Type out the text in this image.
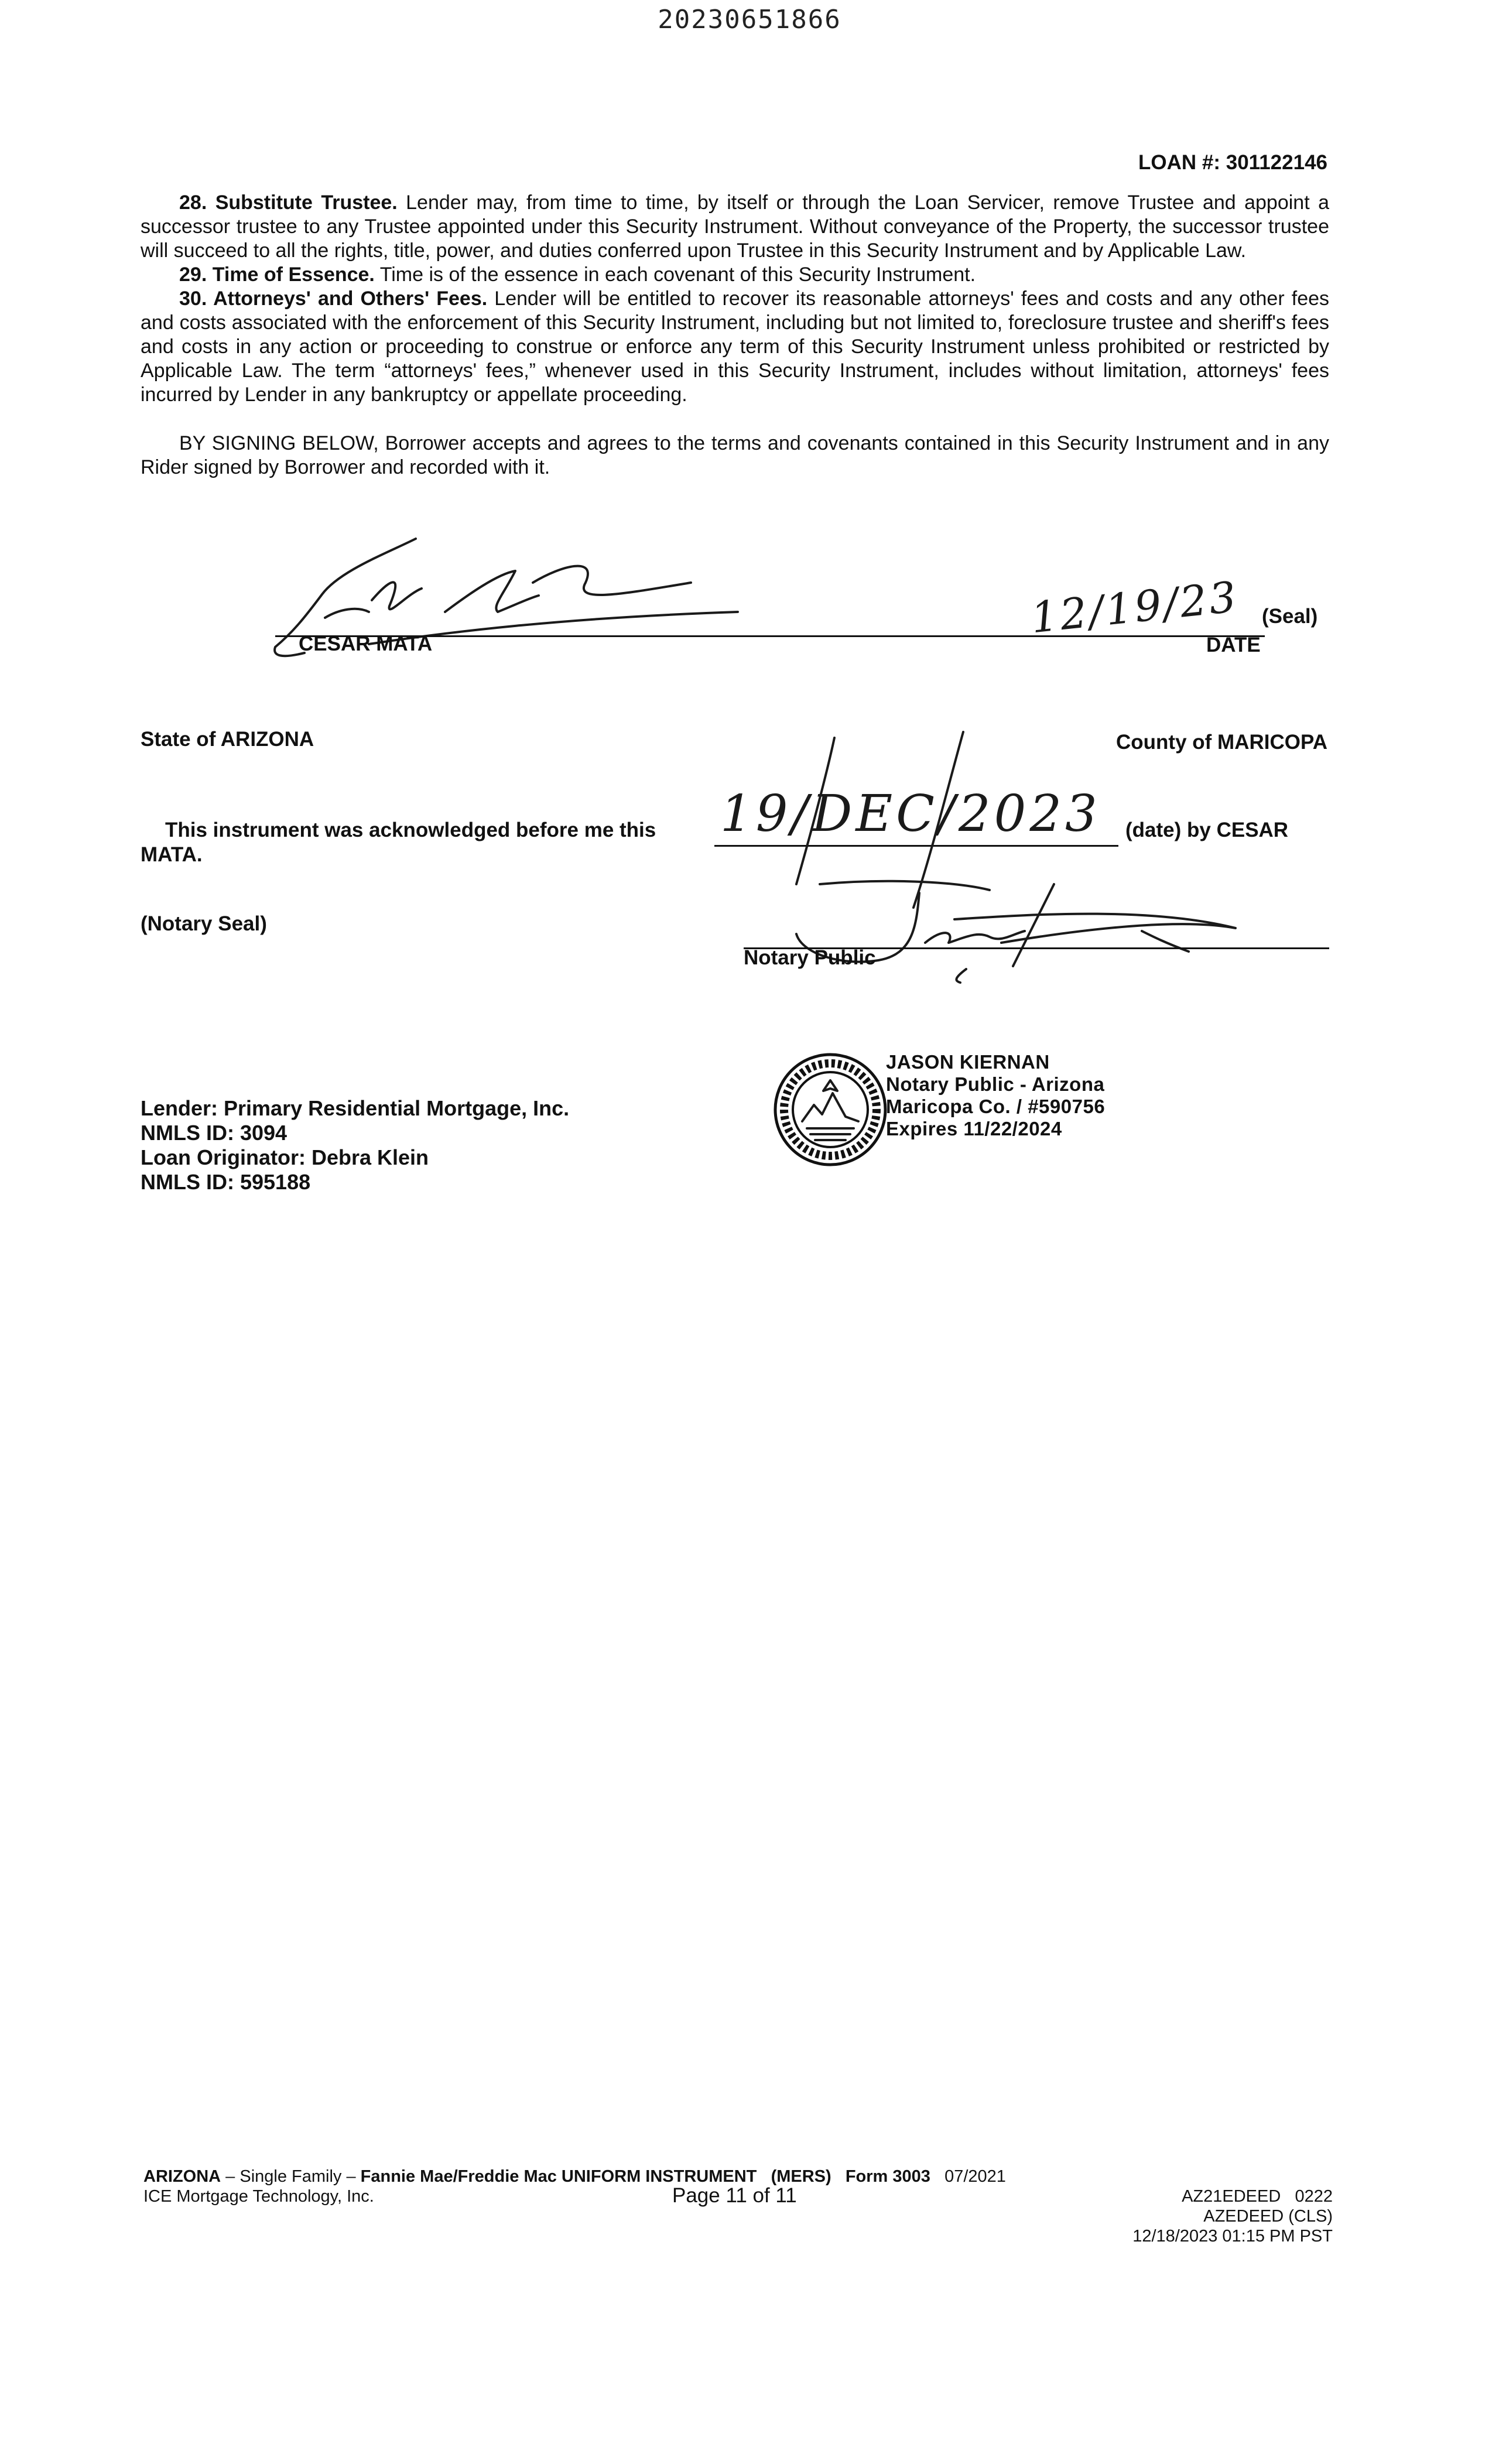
20230651866
LOAN #: 301122146

28. Substitute Trustee. Lender may, from time to time, by itself or through the Loan Servicer, remove Trustee and appoint a successor trustee to any Trustee appointed under this Security Instrument. Without conveyance of the Property, the successor trustee will succeed to all the rights, title, power, and duties conferred upon Trustee in this Security Instrument and by Applicable Law.

29. Time of Essence. Time is of the essence in each covenant of this Security Instrument.

30. Attorneys' and Others' Fees. Lender will be entitled to recover its reasonable attorneys' fees and costs and any other fees and costs associated with the enforcement of this Security Instrument, including but not limited to, foreclosure trustee and sheriff's fees and costs in any action or proceeding to construe or enforce any term of this Security Instrument unless prohibited or restricted by Applicable Law. The term “attorneys' fees,” whenever used in this Security Instrument, includes without limitation, attorneys' fees incurred by Lender in any bankruptcy or appellate proceeding.

BY SIGNING BELOW, Borrower accepts and agrees to the terms and covenants contained in this Security Instrument and in any Rider signed by Borrower and recorded with it.

CESAR MATA	DATE
(Seal)
12/19/23
State of ARIZONA	County of MARICOPA
This instrument was acknowledged before me this 19/DEC/2023 (date) by CESAR
MATA.
(Notary Seal)
Notary Public
JASON KIERNAN
Notary Public - Arizona
Maricopa Co. / #590756
Expires 11/22/2024
Lender: Primary Residential Mortgage, Inc.
NMLS ID: 3094
Loan Originator: Debra Klein
NMLS ID: 595188
ARIZONA – Single Family – Fannie Mae/Freddie Mac UNIFORM INSTRUMENT (MERS) Form 3003 07/2021
ICE Mortgage Technology, Inc.	Page 11 of 11	AZ21EDEED 0222
AZEDEED (CLS)
12/18/2023 01:15 PM PST
